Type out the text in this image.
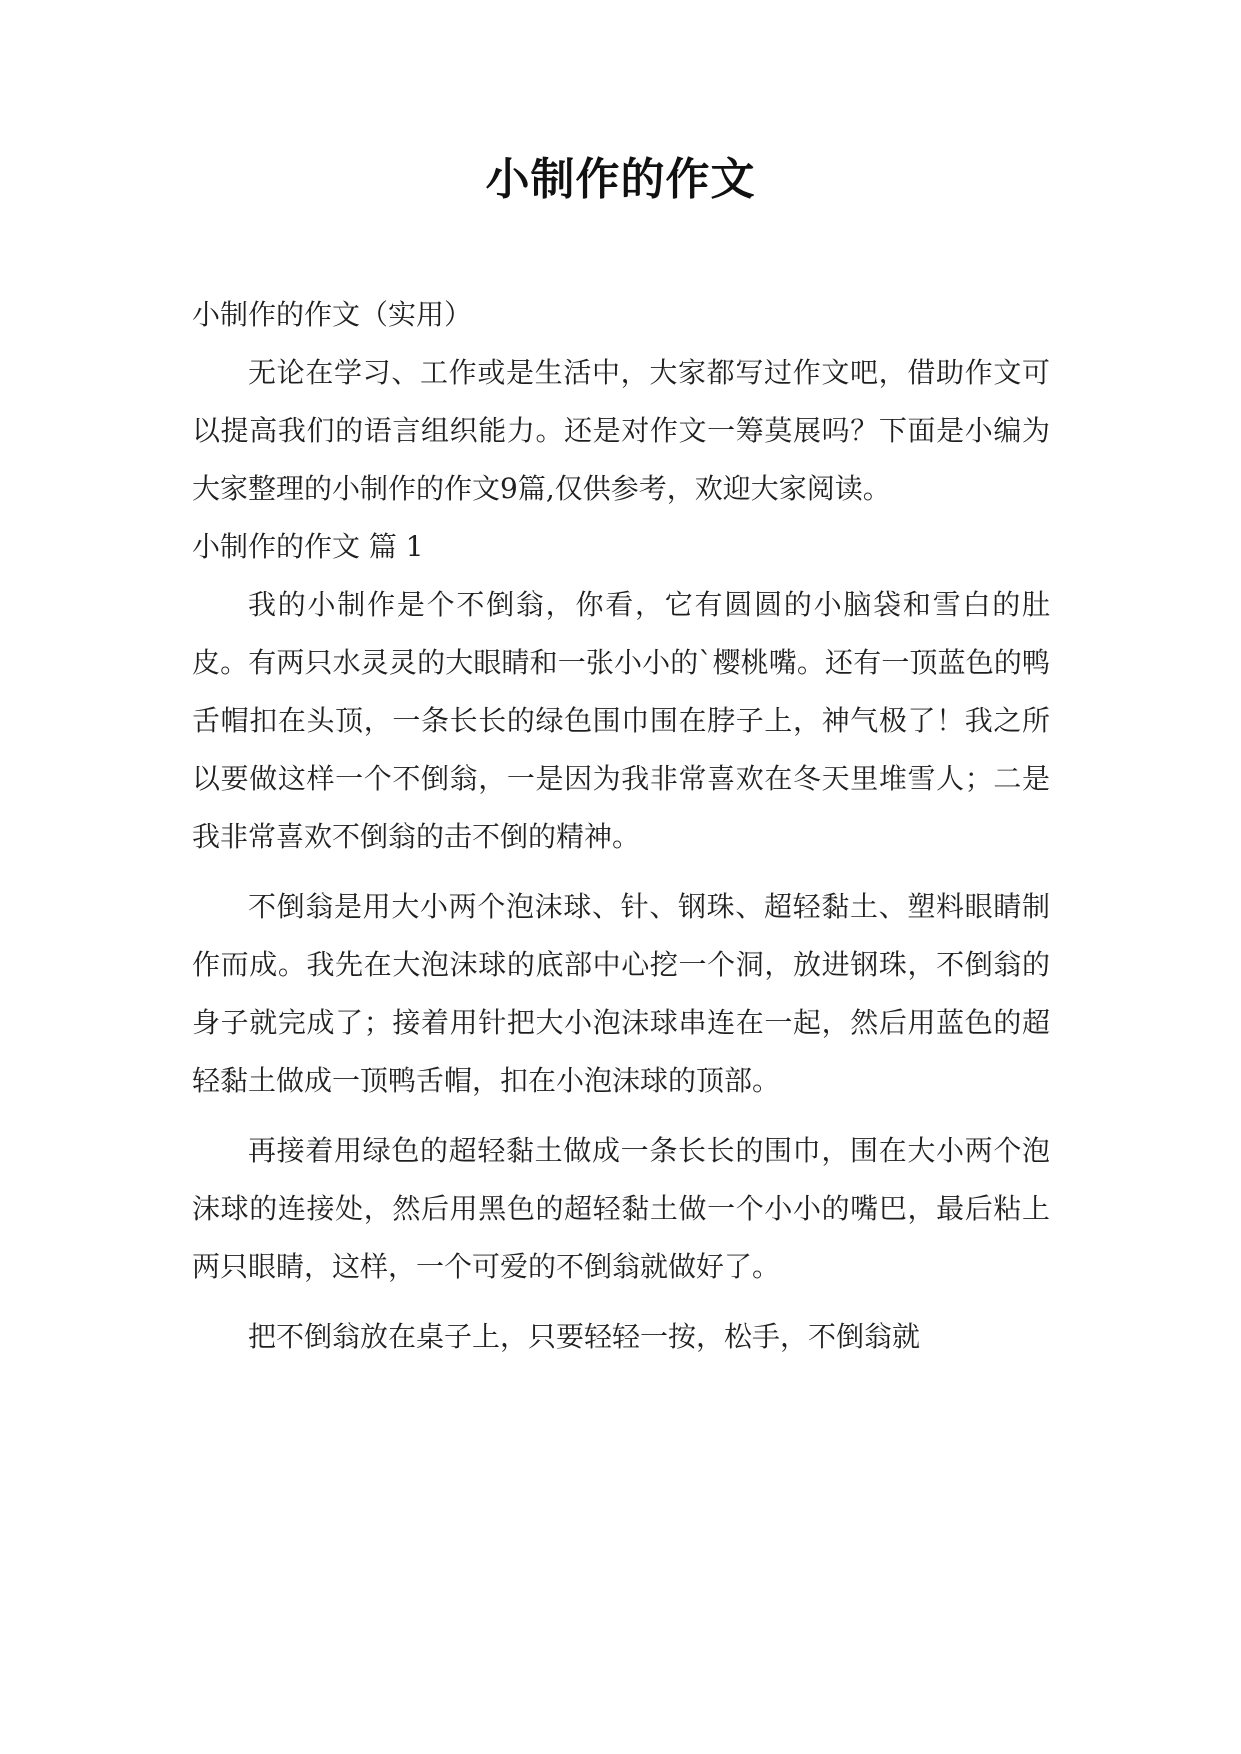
小制作的作文

小制作的作文（实用）

无论在学习、工作或是生活中，大家都写过作文吧，借助作文可以提高我们的语言组织能力。还是对作文一筹莫展吗？下面是小编为大家整理的小制作的作文9篇,仅供参考，欢迎大家阅读。

小制作的作文 篇 1

我的小制作是个不倒翁，你看，它有圆圆的小脑袋和雪白的肚皮。有两只水灵灵的大眼睛和一张小小的`樱桃嘴。还有一顶蓝色的鸭舌帽扣在头顶，一条长长的绿色围巾围在脖子上，神气极了！我之所以要做这样一个不倒翁，一是因为我非常喜欢在冬天里堆雪人；二是我非常喜欢不倒翁的击不倒的精神。

不倒翁是用大小两个泡沫球、针、钢珠、超轻黏土、塑料眼睛制作而成。我先在大泡沫球的底部中心挖一个洞，放进钢珠，不倒翁的身子就完成了；接着用针把大小泡沫球串连在一起，然后用蓝色的超轻黏土做成一顶鸭舌帽，扣在小泡沫球的顶部。

再接着用绿色的超轻黏土做成一条长长的围巾，围在大小两个泡沫球的连接处，然后用黑色的超轻黏土做一个小小的嘴巴，最后粘上两只眼睛，这样，一个可爱的不倒翁就做好了。

把不倒翁放在桌子上，只要轻轻一按，松手，不倒翁就
